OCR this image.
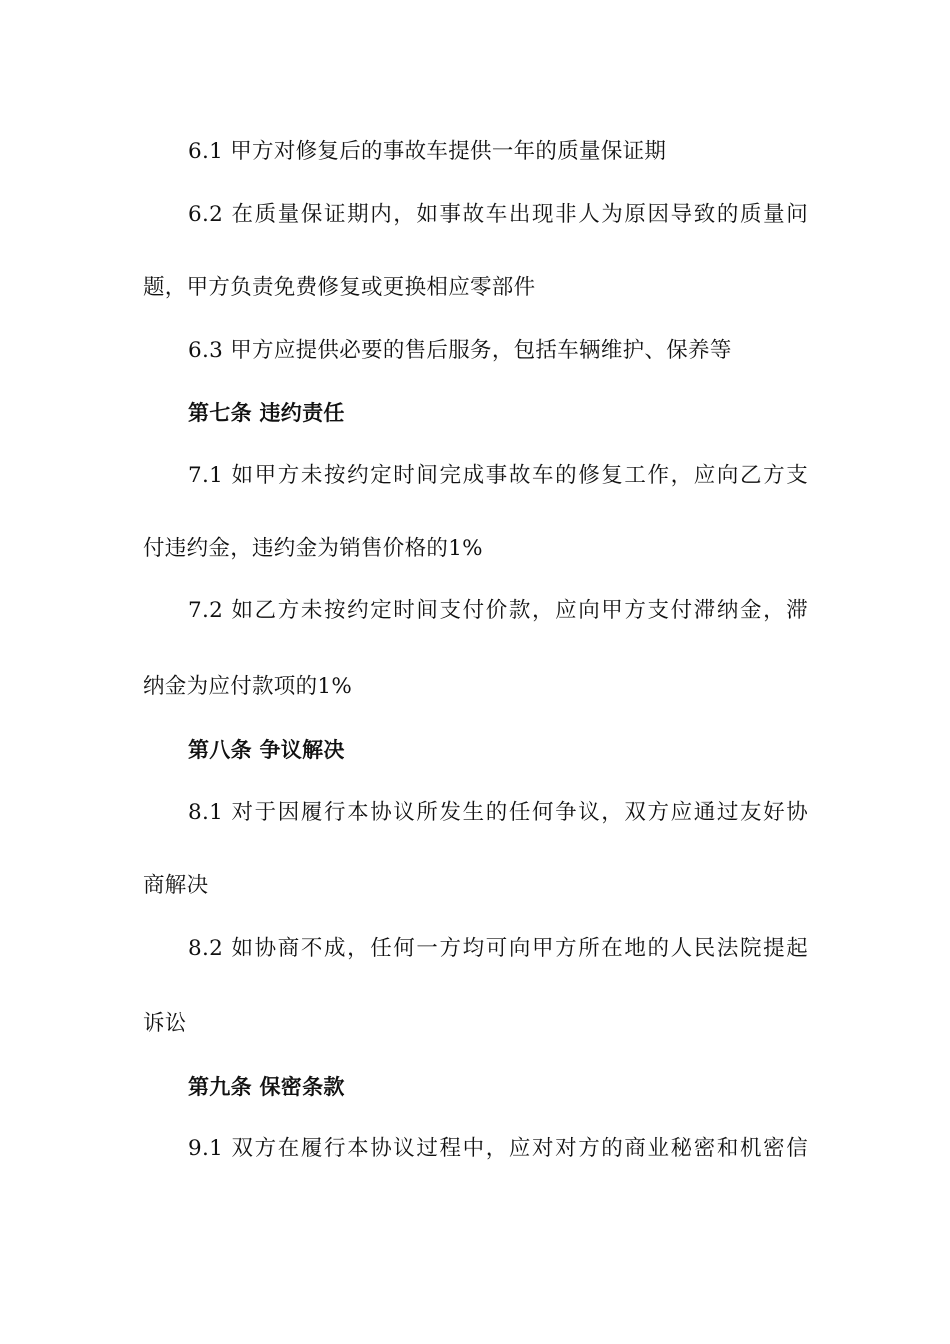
6.1 甲方对修复后的事故车提供一年的质量保证期
6.2 在质量保证期内，如事故车出现非人为原因导致的质量问
题，甲方负责免费修复或更换相应零部件
6.3 甲方应提供必要的售后服务，包括车辆维护、保养等
第七条 违约责任
7.1 如甲方未按约定时间完成事故车的修复工作，应向乙方支
付违约金，违约金为销售价格的1%
7.2 如乙方未按约定时间支付价款，应向甲方支付滞纳金，滞
纳金为应付款项的1%
第八条 争议解决
8.1 对于因履行本协议所发生的任何争议，双方应通过友好协
商解决
8.2 如协商不成，任何一方均可向甲方所在地的人民法院提起
诉讼
第九条 保密条款
9.1 双方在履行本协议过程中，应对对方的商业秘密和机密信
